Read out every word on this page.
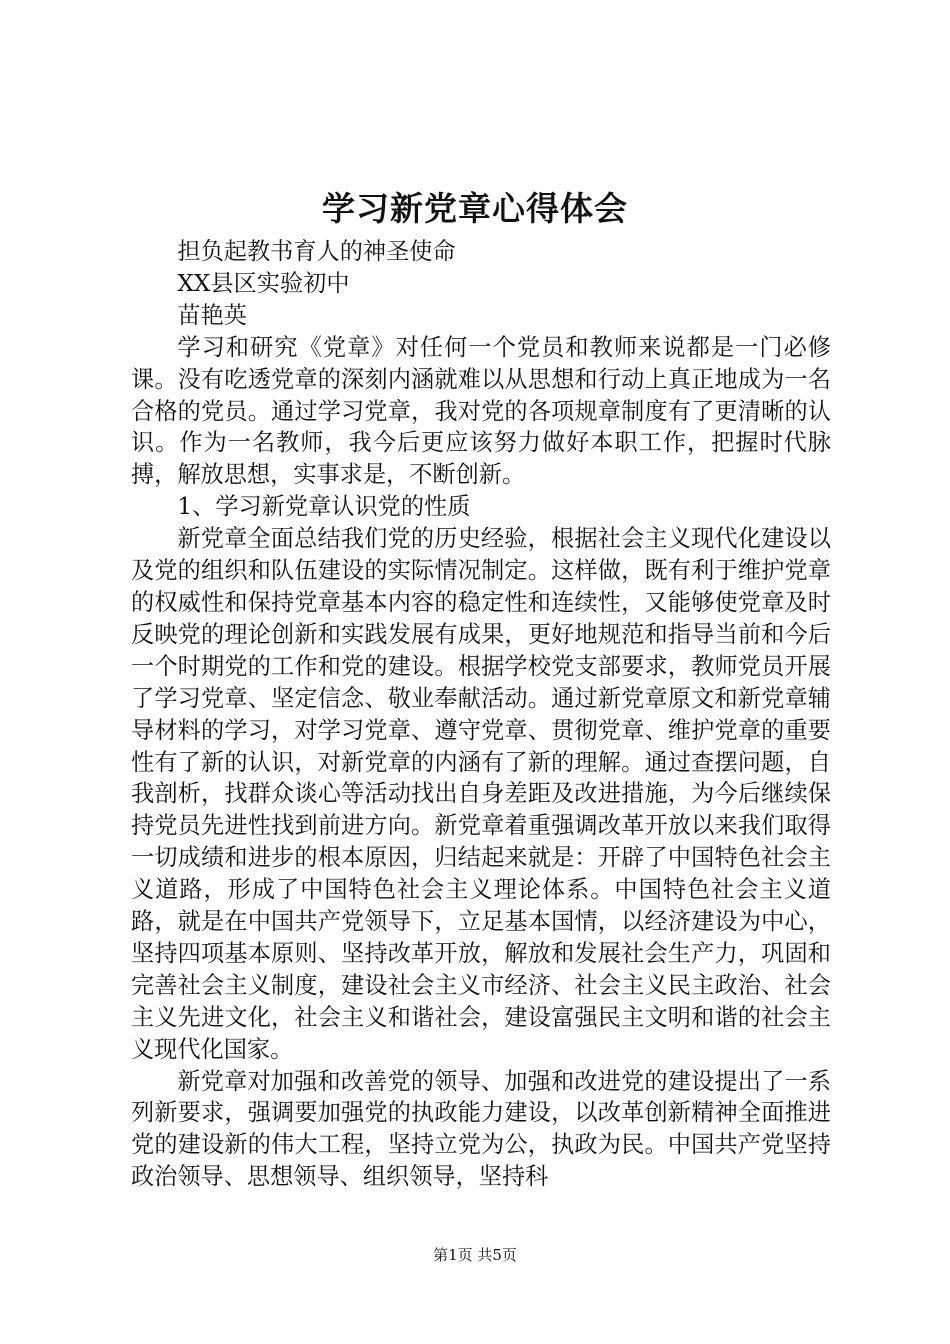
学习新党章心得体会

担负起教书育人的神圣使命

XX县区实验初中

苗艳英

学习和研究《党章》对任何一个党员和教师来说都是一门必修课。没有吃透党章的深刻内涵就难以从思想和行动上真正地成为一名合格的党员。通过学习党章，我对党的各项规章制度有了更清晰的认识。作为一名教师，我今后更应该努力做好本职工作，把握时代脉搏，解放思想，实事求是，不断创新。

1、学习新党章认识党的性质

新党章全面总结我们党的历史经验，根据社会主义现代化建设以及党的组织和队伍建设的实际情况制定。这样做，既有利于维护党章的权威性和保持党章基本内容的稳定性和连续性，又能够使党章及时反映党的理论创新和实践发展有成果，更好地规范和指导当前和今后一个时期党的工作和党的建设。根据学校党支部要求，教师党员开展了学习党章、坚定信念、敬业奉献活动。通过新党章原文和新党章辅导材料的学习，对学习党章、遵守党章、贯彻党章、维护党章的重要性有了新的认识，对新党章的内涵有了新的理解。通过查摆问题，自我剖析，找群众谈心等活动找出自身差距及改进措施，为今后继续保持党员先进性找到前进方向。新党章着重强调改革开放以来我们取得一切成绩和进步的根本原因，归结起来就是：开辟了中国特色社会主义道路，形成了中国特色社会主义理论体系。中国特色社会主义道路，就是在中国共产党领导下，立足基本国情，以经济建设为中心，坚持四项基本原则、坚持改革开放，解放和发展社会生产力，巩固和完善社会主义制度，建设社会主义市经济、社会主义民主政治、社会主义先进文化，社会主义和谐社会，建设富强民主文明和谐的社会主义现代化国家。

新党章对加强和改善党的领导、加强和改进党的建设提出了一系列新要求，强调要加强党的执政能力建设，以改革创新精神全面推进党的建设新的伟大工程，坚持立党为公，执政为民。中国共产党坚持政治领导、思想领导、组织领导，坚持科

第1页 共5页
